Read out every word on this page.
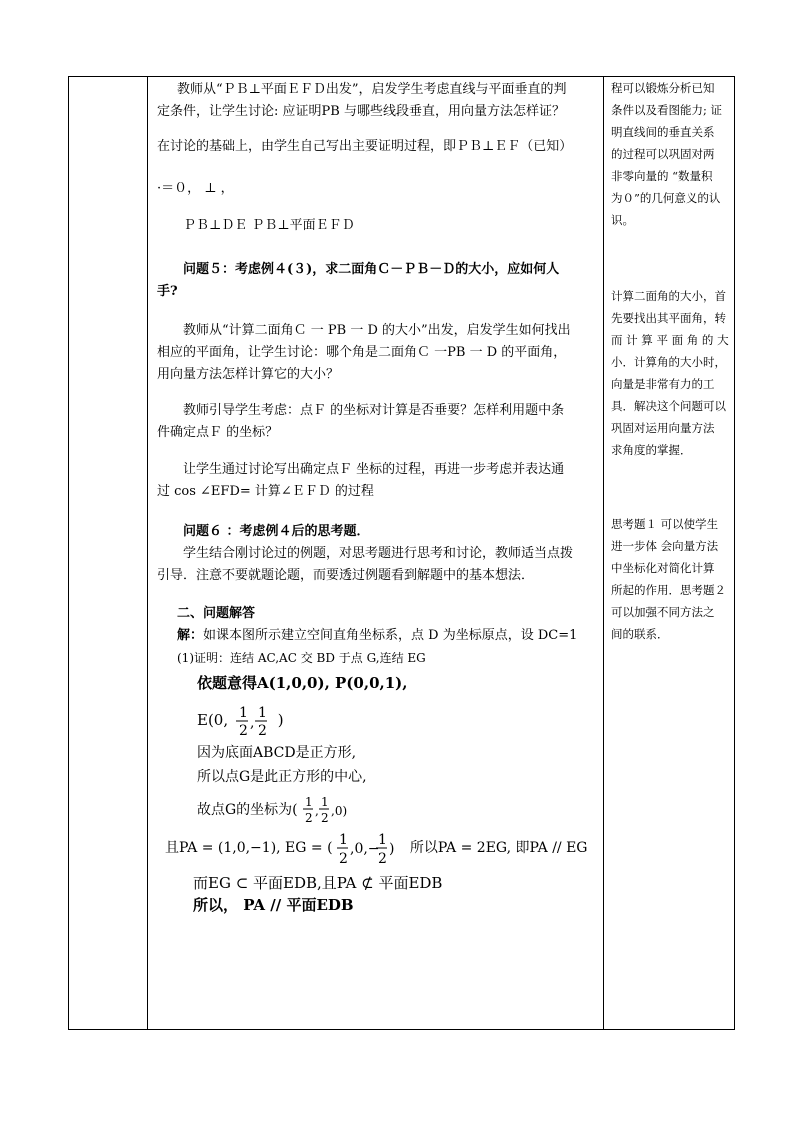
教师从“ＰＢ⊥平面ＥＦＤ出发”，启发学生考虑直线与平面垂直的判
定条件，让学生讨论: 应证明PB 与哪些线段垂直，用向量方法怎样证？
在讨论的基础上，由学生自己写出主要证明过程，即ＰＢ⊥ＥＦ（已知）
·＝０， ⊥ ，
ＰＢ⊥ＤＥ ＰＢ⊥平面ＥＦＤ
问题５：考虑例４(３)，求二面角Ｃ－ＰＢ－Ｄ的大小，应如何人
手?
教师从“计算二面角Ｃ 一 PB 一 D 的大小”出发，启发学生如何找出
相应的平面角，让学生讨论：哪个角是二面角Ｃ 一PB 一 D 的平面角，
用向量方法怎样计算它的大小？
教师引导学生考虑：点Ｆ 的坐标对计算是否垂要？怎样利用题中条
件确定点Ｆ 的坐标？
让学生通过讨论写出确定点Ｆ 坐标的过程，再进一步考虑并表达通
过 cos ∠EFD= 计算∠ＥＦＤ 的过程
问题６ ：考虑例４后的思考题．
学生结合刚讨论过的例题，对思考题进行思考和讨论，教师适当点拨
引导．注意不要就题论题，而要透过例题看到解题中的基本想法．
二、问题解答
解：如课本图所示建立空间直角坐标系，点 D 为坐标原点，设 DC=1
(1)证明：连结 AC,AC 交 BD 于点 G,连结 EG
依题意得A(1,0,0), P(0,0,1),
E(0, 1
2 ,
1
2
)
因为底面ABCD是正方形,
所以点G是此正方形的中心,
故点G的坐标为( 1
2 ,
1
2 ,0)
且PA = (1,0,−1), EG = ( 1
2
,0,−

1
2
) 所以PA = 2EG, 即PA // EG
而EG ⊂ 平面EDB,且PA ⊄ 平面EDB
所以， PA // 平面EDB
程可以锻炼分析已知
条件以及看图能力; 证
明直线间的垂直关系
的过程可以巩固对两
非零向量的 “数量积
为０”的几何意义的认
识。
计算二面角的大小，首
先要找出其平面角，转
而 计 算 平 面 角 的 大
小．计算角的大小时，
向量是非常有力的工
具．解决这个问题可以
巩固对运用向量方法
求角度的掌握．
思考题１ 可以使学生
进一步体 会向量方法
中坐标化对简化计算
所起的作用．思考题２
可以加强不同方法之
间的联系．
